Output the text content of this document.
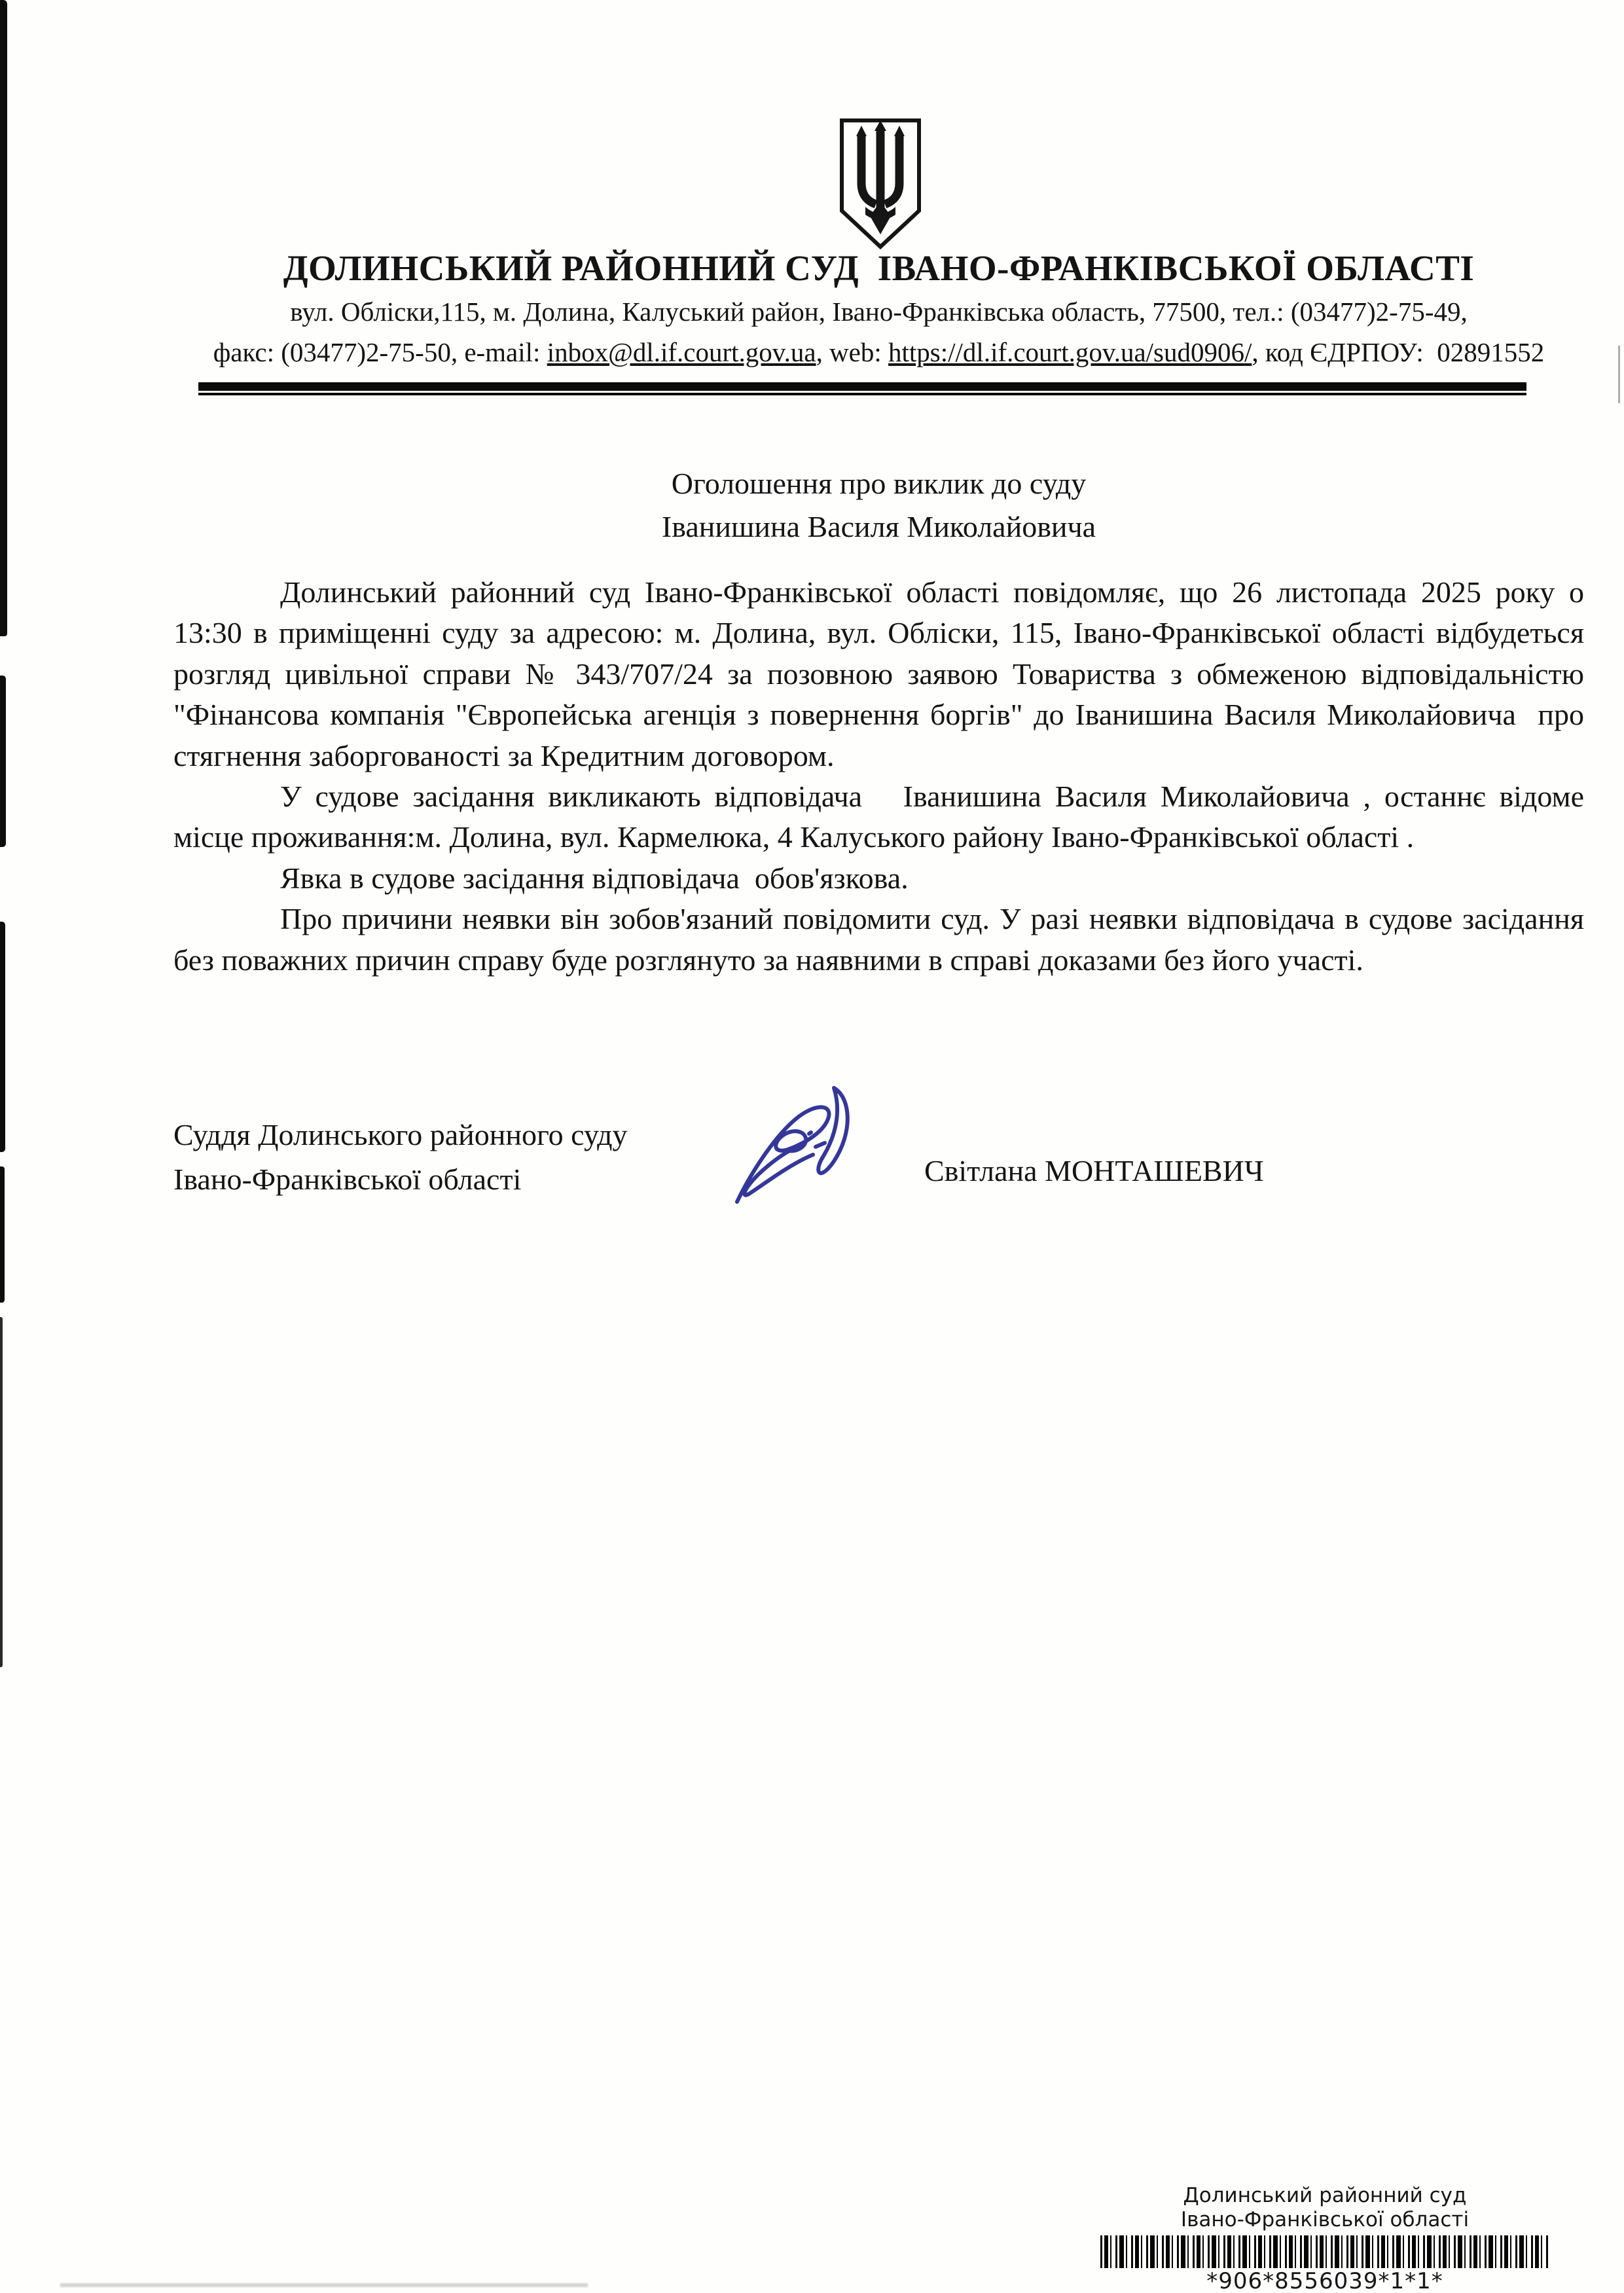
ДОЛИНСЬКИЙ РАЙОННИЙ СУД  ІВАНО-ФРАНКІВСЬКОЇ ОБЛАСТІ
вул. Обліски,115, м. Долина, Калуський район, Івано-Франківська область, 77500, тел.: (03477)2-75-49,
факс: (03477)2-75-50, e-mail: inbox@dl.if.court.gov.ua, web: https://dl.if.court.gov.ua/sud0906/, код ЄДРПОУ:  02891552
Оголошення про виклик до суду
Іванишина Василя Миколайовича

Долинський районний суд Івано-Франківської області повідомляє, що 26 листопада 2025 року о 13:30 в приміщенні суду за адресою: м. Долина, вул. Обліски, 115, Івано-Франківської області відбудеться розгляд цивільної справи № 343/707/24 за позовною заявою Товариства з обмеженою відповідальністю "Фінансова компанія "Європейська агенція з повернення боргів" до Іванишина Василя Миколайовича  про стягнення заборгованості за Кредитним договором.

У судове засідання викликають відповідача   Іванишина Василя Миколайовича , останнє відоме місце проживання:м. Долина, вул. Кармелюка, 4 Калуського району Івано-Франківської області .

Явка в судове засідання відповідача  обов'язкова.

Про причини неявки він зобов'язаний повідомити суд. У разі неявки відповідача в судове засідання без поважних причин справу буде розглянуто за наявними в справі доказами без його участі.

Суддя Долинського районного суду
Івано-Франківської області	Світлана МОНТАШЕВИЧ
Долинський районний суд
Івано-Франківської області
*906*8556039*1*1*
